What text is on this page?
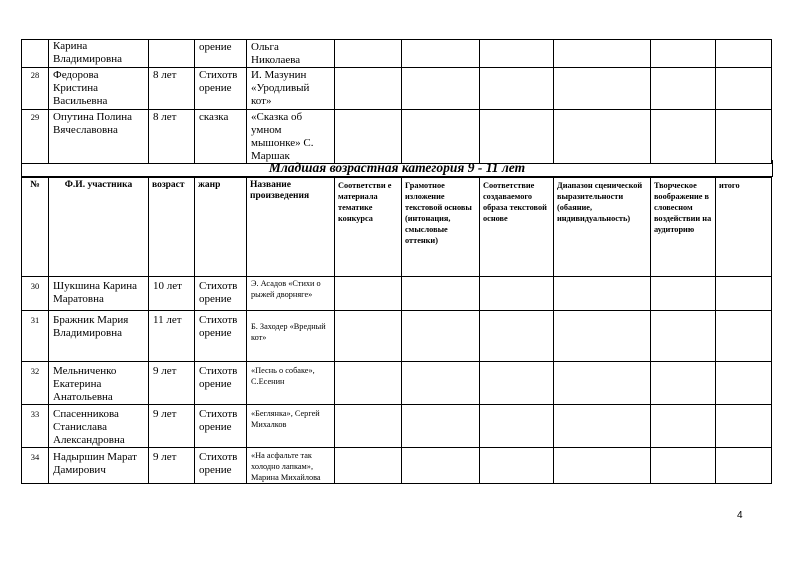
	Карина Владимировна		орение	Ольга Николаева						
28	Федорова Кристина Васильевна	8 лет	Стихотв орение	И. Мазунин «Уродливый кот»						
29	Опутина Полина Вячеславовна	8 лет	сказка	«Сказка об умном мышонке» С. Маршак						
Младшая возрастная категория 9 - 11 лет
№	Ф.И. участника	возраст	жанр	Название произведения	Соответстви е материала тематике конкурса	Грамотное изложение текстовой основы (интонация, смысловые оттенки)	Соответствие создаваемого образа текстовой основе	Диапазон сценической выразительности (обаяние, индивидуальность)	Творческое воображение в словесном воздействии на аудиторию	итого
30	Шукшина Карина Маратовна	10 лет	Стихотв орение	Э. Асадов «Стихи о рыжей дворняге»						
31	Бражник Мария Владимировна	11 лет	Стихотв орение	Б. Заходер «Вредный кот»						
32	Мельниченко Екатерина Анатольевна	9 лет	Стихотв орение	«Песнь о собаке», С.Есенин						
33	Спасенникова Станислава Александровна	9 лет	Стихотв орение	«Беглянка», Сергей Михалков						
34	Надыршин Марат Дамирович	9 лет	Стихотв орение	«На асфальте так холодно лапкам», Марина Михайлова						
4
